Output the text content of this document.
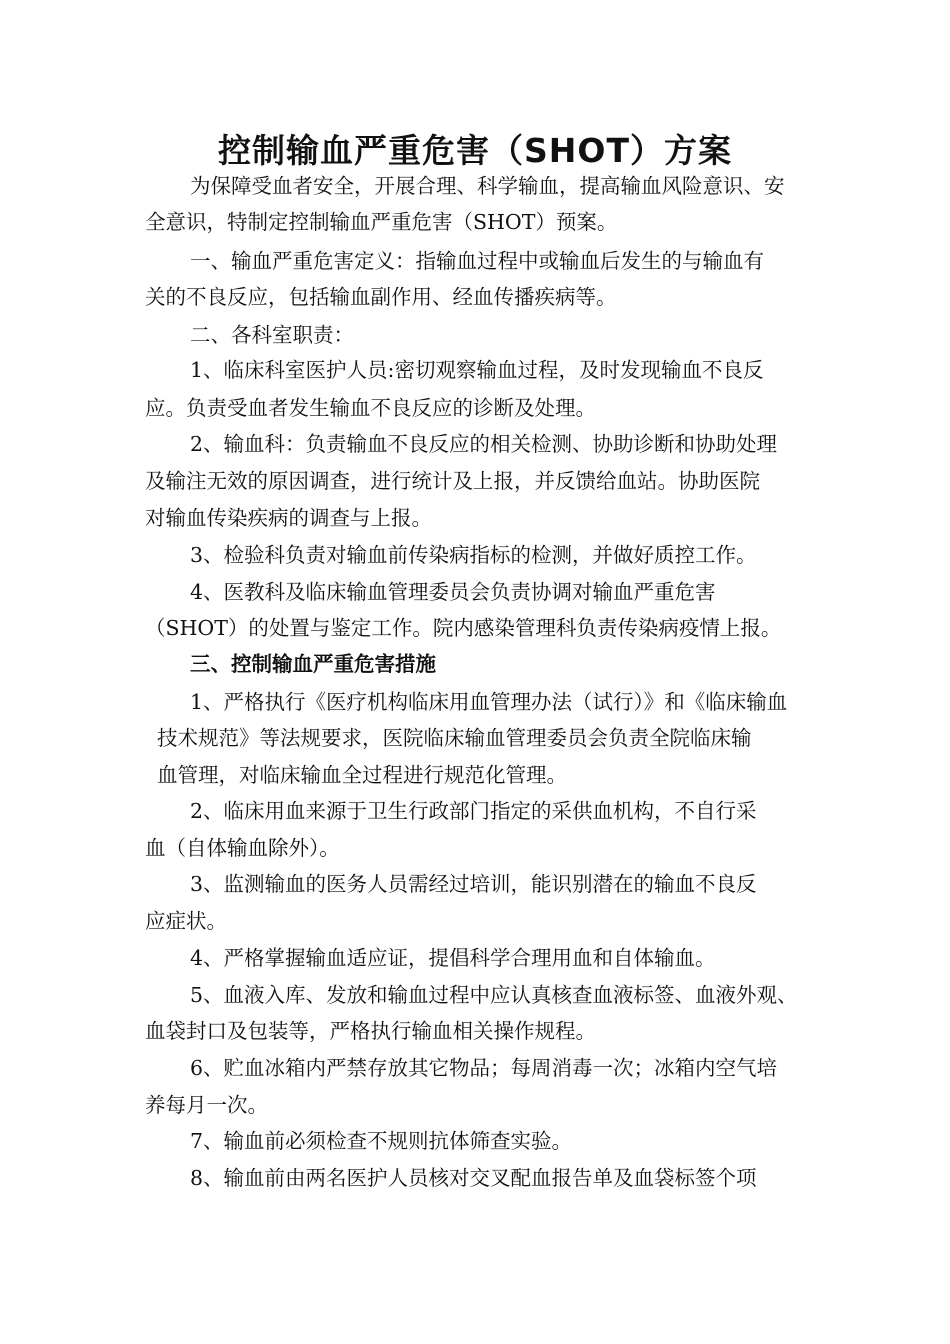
控制输血严重危害（SHOT）方案

为保障受血者安全，开展合理、科学输血，提高输血风险意识、安

全意识，特制定控制输血严重危害（SHOT）预案。

一、输血严重危害定义：指输血过程中或输血后发生的与输血有

关的不良反应，包括输血副作用、经血传播疾病等。

二、各科室职责：

1、临床科室医护人员:密切观察输血过程，及时发现输血不良反

应。负责受血者发生输血不良反应的诊断及处理。

2、输血科：负责输血不良反应的相关检测、协助诊断和协助处理

及输注无效的原因调查，进行统计及上报，并反馈给血站。协助医院

对输血传染疾病的调查与上报。

3、检验科负责对输血前传染病指标的检测，并做好质控工作。

4、医教科及临床输血管理委员会负责协调对输血严重危害

（SHOT）的处置与鉴定工作。院内感染管理科负责传染病疫情上报。

三、控制输血严重危害措施

1、严格执行《医疗机构临床用血管理办法（试行）》和《临床输血

技术规范》等法规要求，医院临床输血管理委员会负责全院临床输

血管理，对临床输血全过程进行规范化管理。

2、临床用血来源于卫生行政部门指定的采供血机构，不自行采

血（自体输血除外）。

3、监测输血的医务人员需经过培训，能识别潜在的输血不良反

应症状。

4、严格掌握输血适应证，提倡科学合理用血和自体输血。

5、血液入库、发放和输血过程中应认真核查血液标签、血液外观、

血袋封口及包装等，严格执行输血相关操作规程。

6、贮血冰箱内严禁存放其它物品；每周消毒一次；冰箱内空气培

养每月一次。

7、输血前必须检查不规则抗体筛查实验。

8、输血前由两名医护人员核对交叉配血报告单及血袋标签个项
